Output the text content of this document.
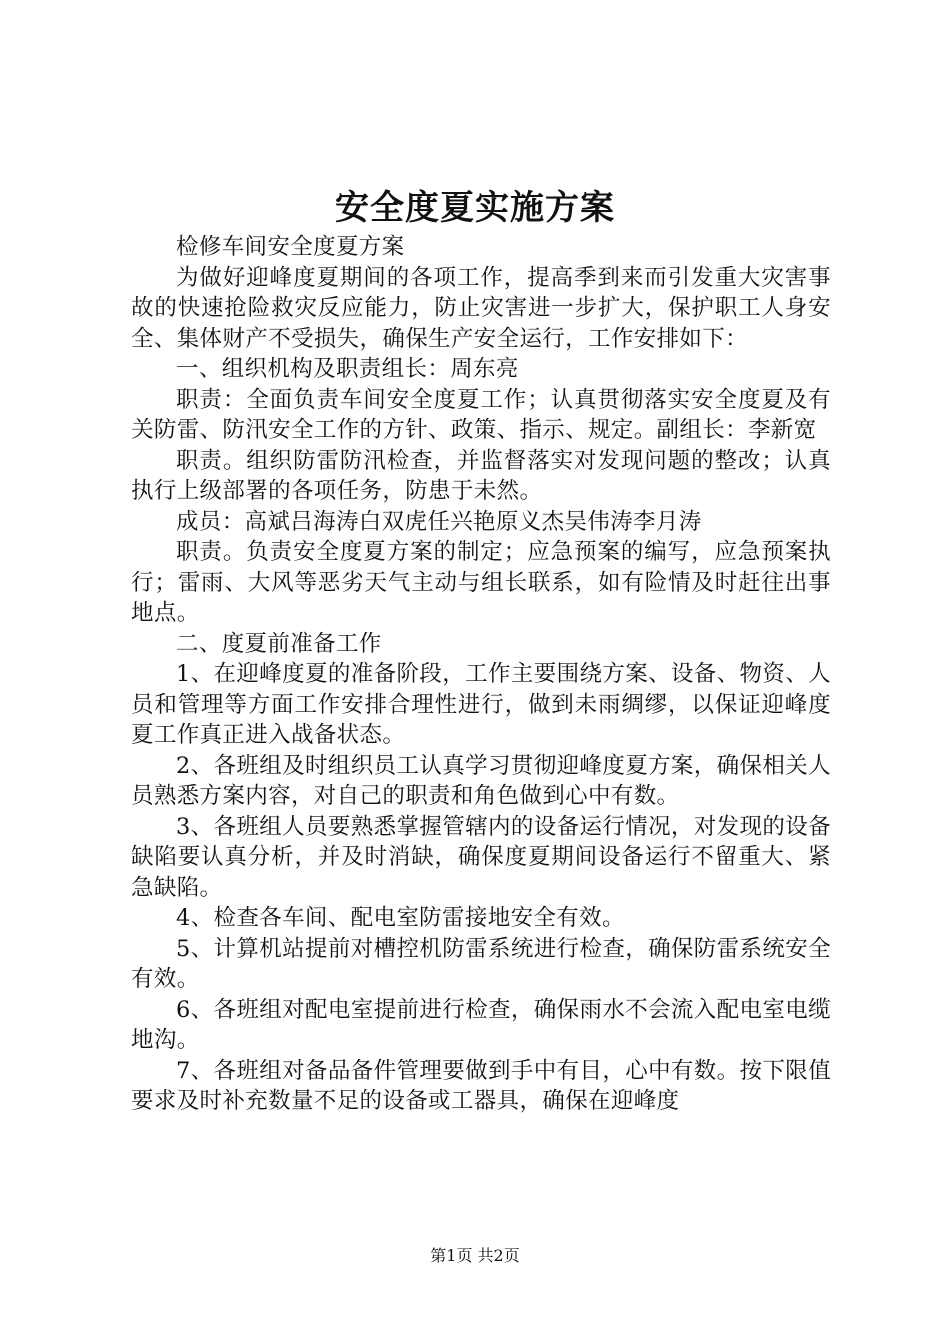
安全度夏实施方案

检修车间安全度夏方案

为做好迎峰度夏期间的各项工作，提高季到来而引发重大灾害事故的快速抢险救灾反应能力，防止灾害进一步扩大，保护职工人身安全、集体财产不受损失，确保生产安全运行，工作安排如下：

一、组织机构及职责组长：周东亮

职责：全面负责车间安全度夏工作；认真贯彻落实安全度夏及有关防雷、防汛安全工作的方针、政策、指示、规定。副组长：李新宽

职责。组织防雷防汛检查，并监督落实对发现问题的整改；认真执行上级部署的各项任务，防患于未然。

成员：高斌吕海涛白双虎任兴艳原义杰吴伟涛李月涛

职责。负责安全度夏方案的制定；应急预案的编写，应急预案执行；雷雨、大风等恶劣天气主动与组长联系，如有险情及时赶往出事地点。

二、度夏前准备工作

1、在迎峰度夏的准备阶段，工作主要围绕方案、设备、物资、人员和管理等方面工作安排合理性进行，做到未雨绸缪，以保证迎峰度夏工作真正进入战备状态。

2、各班组及时组织员工认真学习贯彻迎峰度夏方案，确保相关人员熟悉方案内容，对自己的职责和角色做到心中有数。

3、各班组人员要熟悉掌握管辖内的设备运行情况，对发现的设备缺陷要认真分析，并及时消缺，确保度夏期间设备运行不留重大、紧急缺陷。

4、检查各车间、配电室防雷接地安全有效。

5、计算机站提前对槽控机防雷系统进行检查，确保防雷系统安全有效。

6、各班组对配电室提前进行检查，确保雨水不会流入配电室电缆地沟。

7、各班组对备品备件管理要做到手中有目，心中有数。按下限值要求及时补充数量不足的设备或工器具，确保在迎峰度

第1页 共2页
